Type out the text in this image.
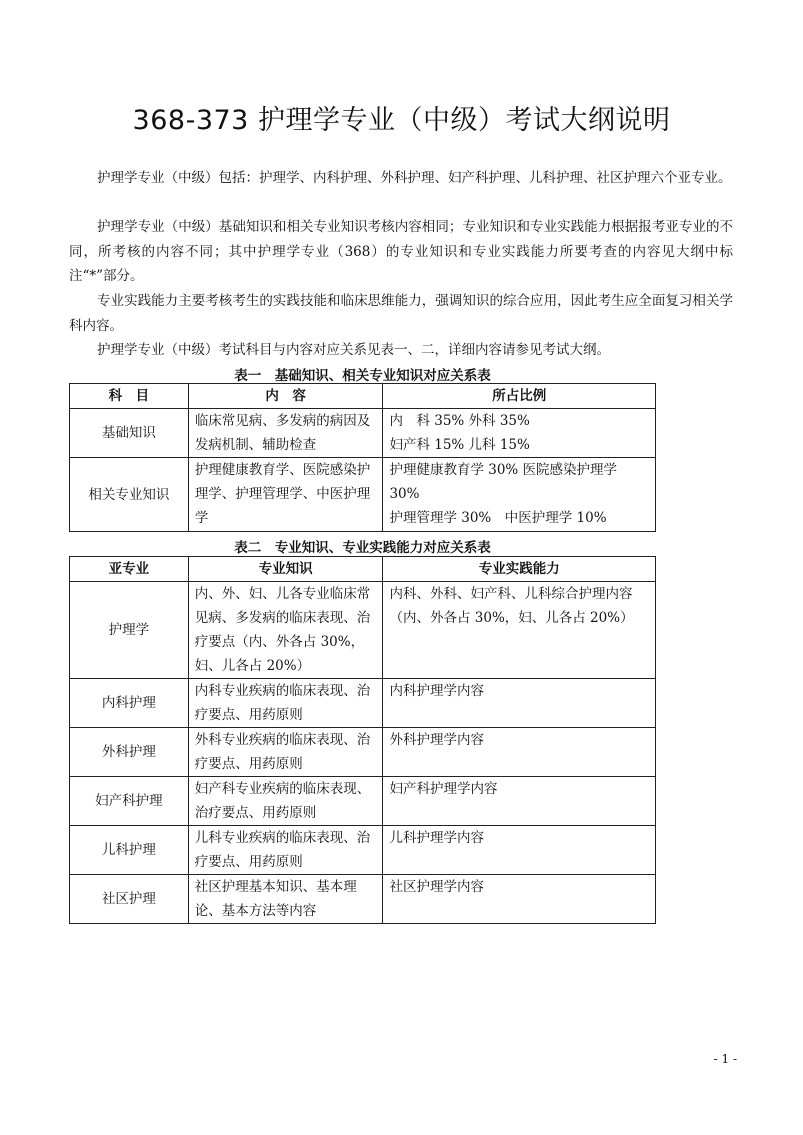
368-373 护理学专业（中级）考试大纲说明

护理学专业（中级）包括：护理学、内科护理、外科护理、妇产科护理、儿科护理、社区护理六个亚专业。

护理学专业（中级）基础知识和相关专业知识考核内容相同；专业知识和专业实践能力根据报考亚专业的不同，所考核的内容不同；其中护理学专业（368）的专业知识和专业实践能力所要考查的内容见大纲中标注“*”部分。

专业实践能力主要考核考生的实践技能和临床思维能力，强调知识的综合应用，因此考生应全面复习相关学科内容。

护理学专业（中级）考试科目与内容对应关系见表一、二，详细内容请参见考试大纲。

表一　基础知识、相关专业知识对应关系表

科　目	内　容	所占比例
基础知识	临床常见病、多发病的病因及发病机制、辅助检查	内　科 35% 外科 35%
妇产科 15% 儿科 15%

相关专业知识	护理健康教育学、医院感染护理学、护理管理学、中医护理学	护理健康教育学 30% 医院感染护理学 30%
护理管理学 30%　中医护理学 10%

表二　专业知识、专业实践能力对应关系表

亚专业	专业知识	专业实践能力
护理学	内、外、妇、儿各专业临床常见病、多发病的临床表现、治疗要点（内、外各占 30%，妇、儿各占 20%）	内科、外科、妇产科、儿科综合护理内容（内、外各占 30%，妇、儿各占 20%）
内科护理	内科专业疾病的临床表现、治疗要点、用药原则	内科护理学内容
外科护理	外科专业疾病的临床表现、治疗要点、用药原则	外科护理学内容
妇产科护理	妇产科专业疾病的临床表现、治疗要点、用药原则	妇产科护理学内容
儿科护理	儿科专业疾病的临床表现、治疗要点、用药原则	儿科护理学内容
社区护理	社区护理基本知识、基本理论、基本方法等内容	社区护理学内容
- 1 -
